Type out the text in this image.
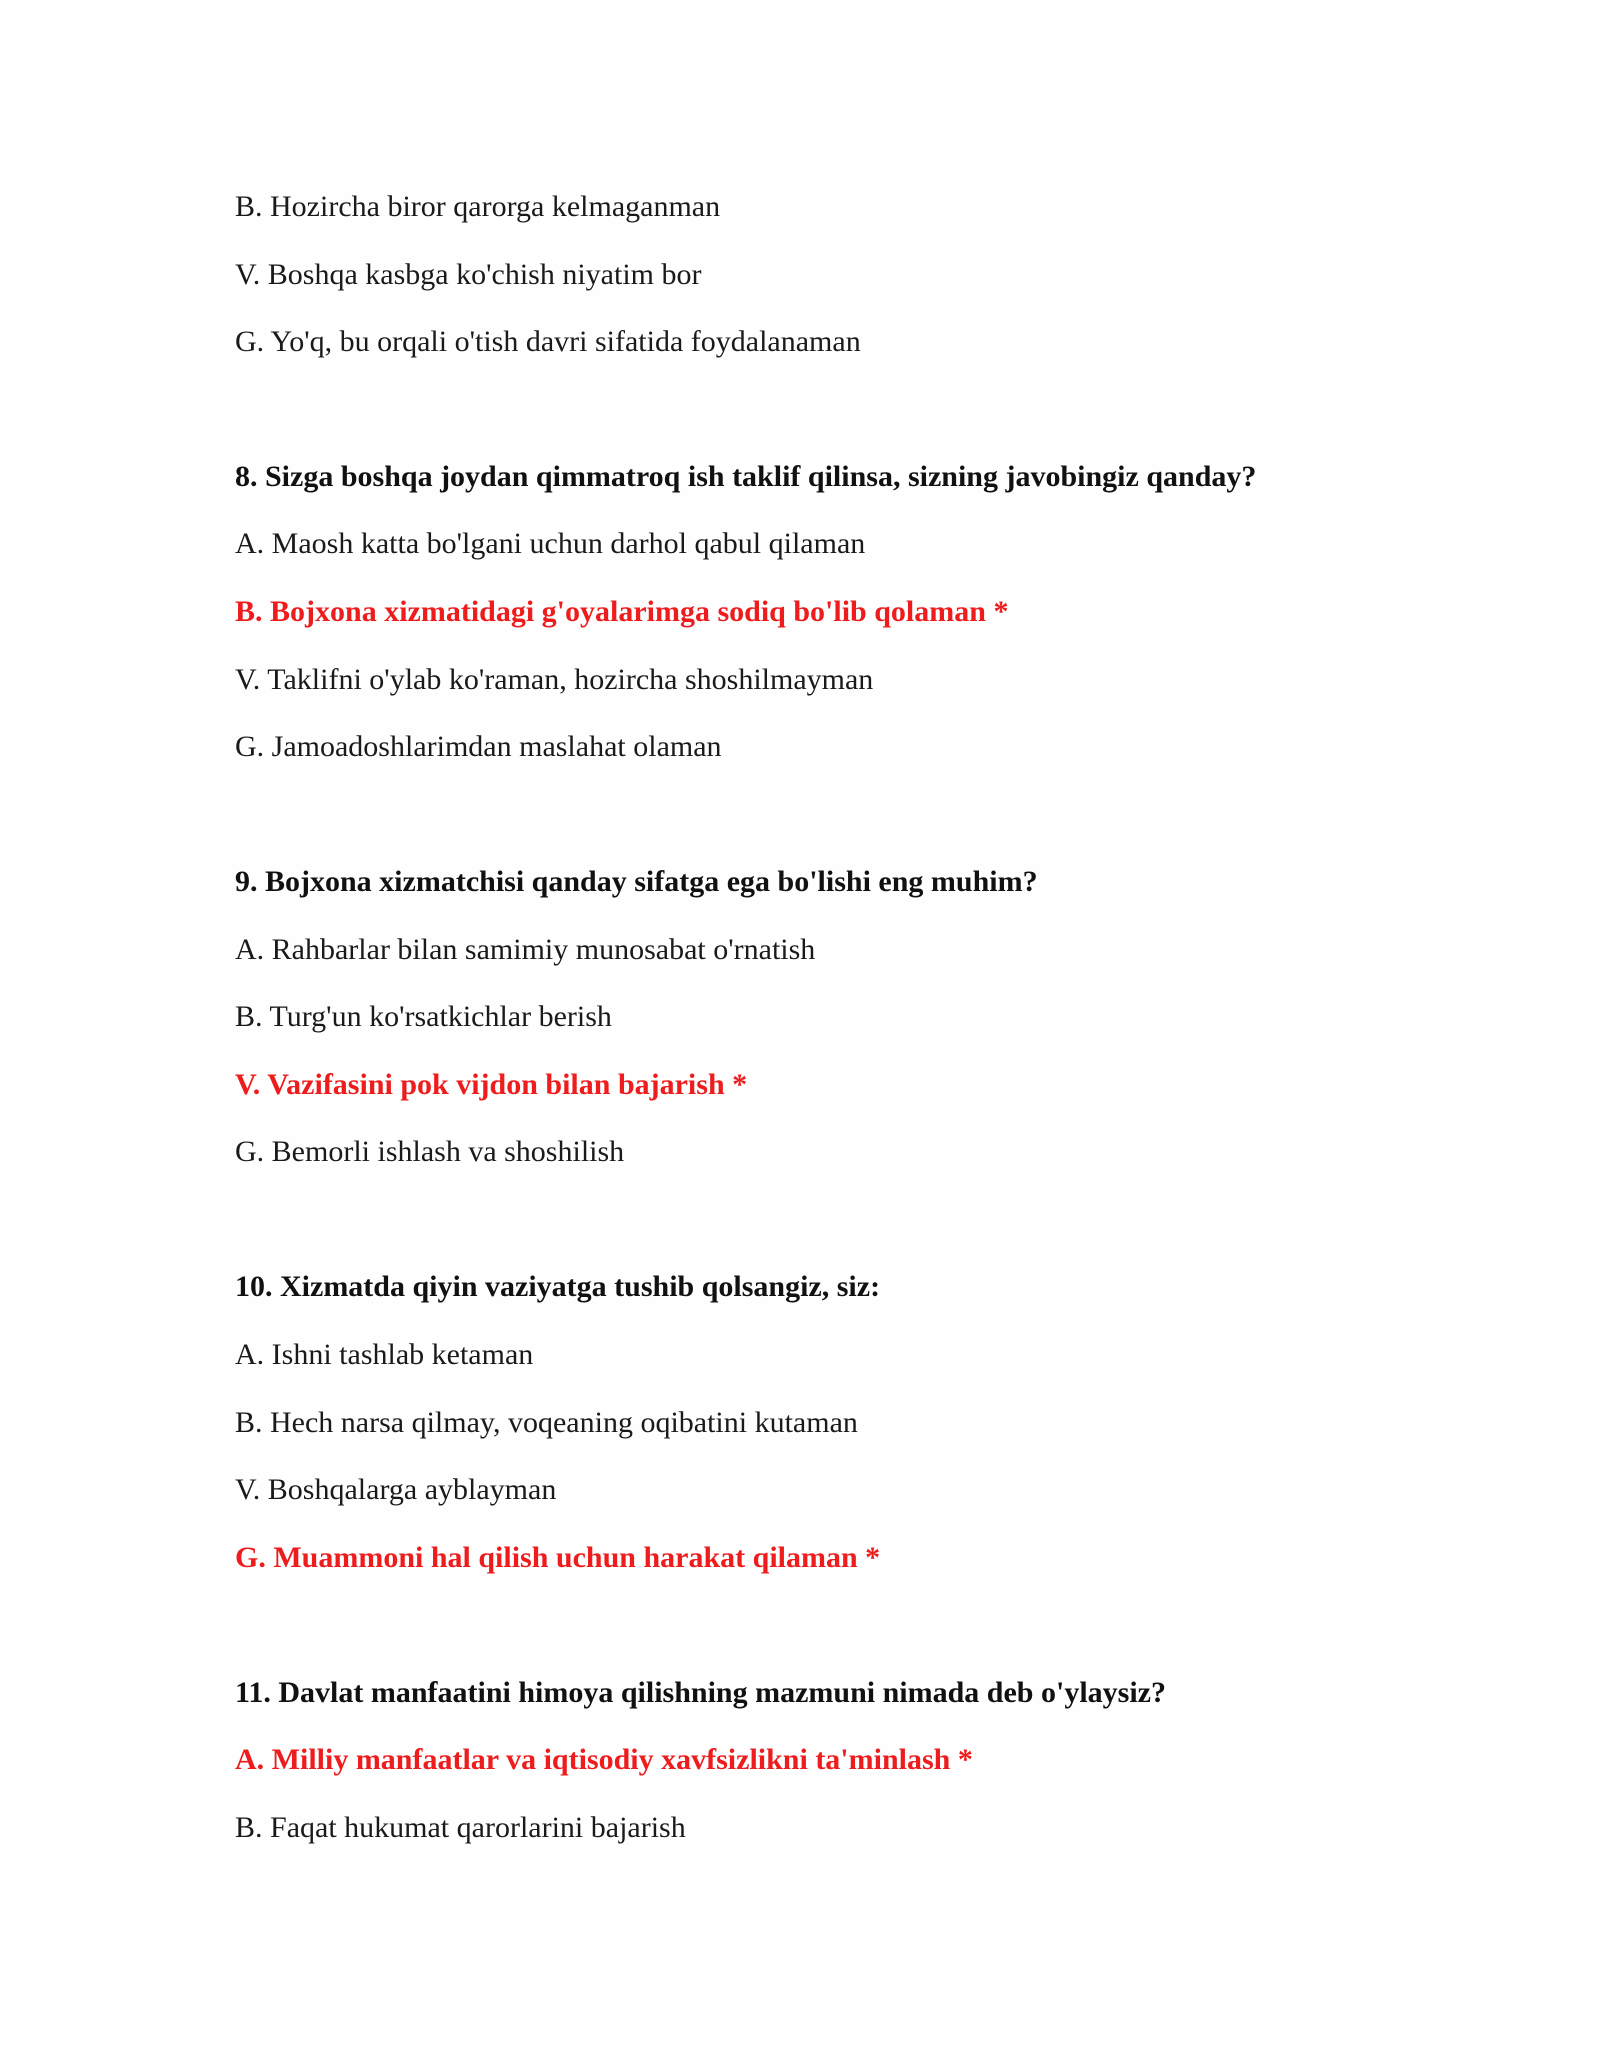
B. Hozircha biror qarorga kelmaganman

V. Boshqa kasbga ko'chish niyatim bor

G. Yo'q, bu orqali o'tish davri sifatida foydalanaman

8. Sizga boshqa joydan qimmatroq ish taklif qilinsa, sizning javobingiz qanday?

A. Maosh katta bo'lgani uchun darhol qabul qilaman

B. Bojxona xizmatidagi g'oyalarimga sodiq bo'lib qolaman *

V. Taklifni o'ylab ko'raman, hozircha shoshilmayman

G. Jamoadoshlarimdan maslahat olaman

9. Bojxona xizmatchisi qanday sifatga ega bo'lishi eng muhim?

A. Rahbarlar bilan samimiy munosabat o'rnatish

B. Turg'un ko'rsatkichlar berish

V. Vazifasini pok vijdon bilan bajarish *

G. Bemorli ishlash va shoshilish

10. Xizmatda qiyin vaziyatga tushib qolsangiz, siz:

A. Ishni tashlab ketaman

B. Hech narsa qilmay, voqeaning oqibatini kutaman

V. Boshqalarga ayblayman

G. Muammoni hal qilish uchun harakat qilaman *

11. Davlat manfaatini himoya qilishning mazmuni nimada deb o'ylaysiz?

A. Milliy manfaatlar va iqtisodiy xavfsizlikni ta'minlash *

B. Faqat hukumat qarorlarini bajarish
